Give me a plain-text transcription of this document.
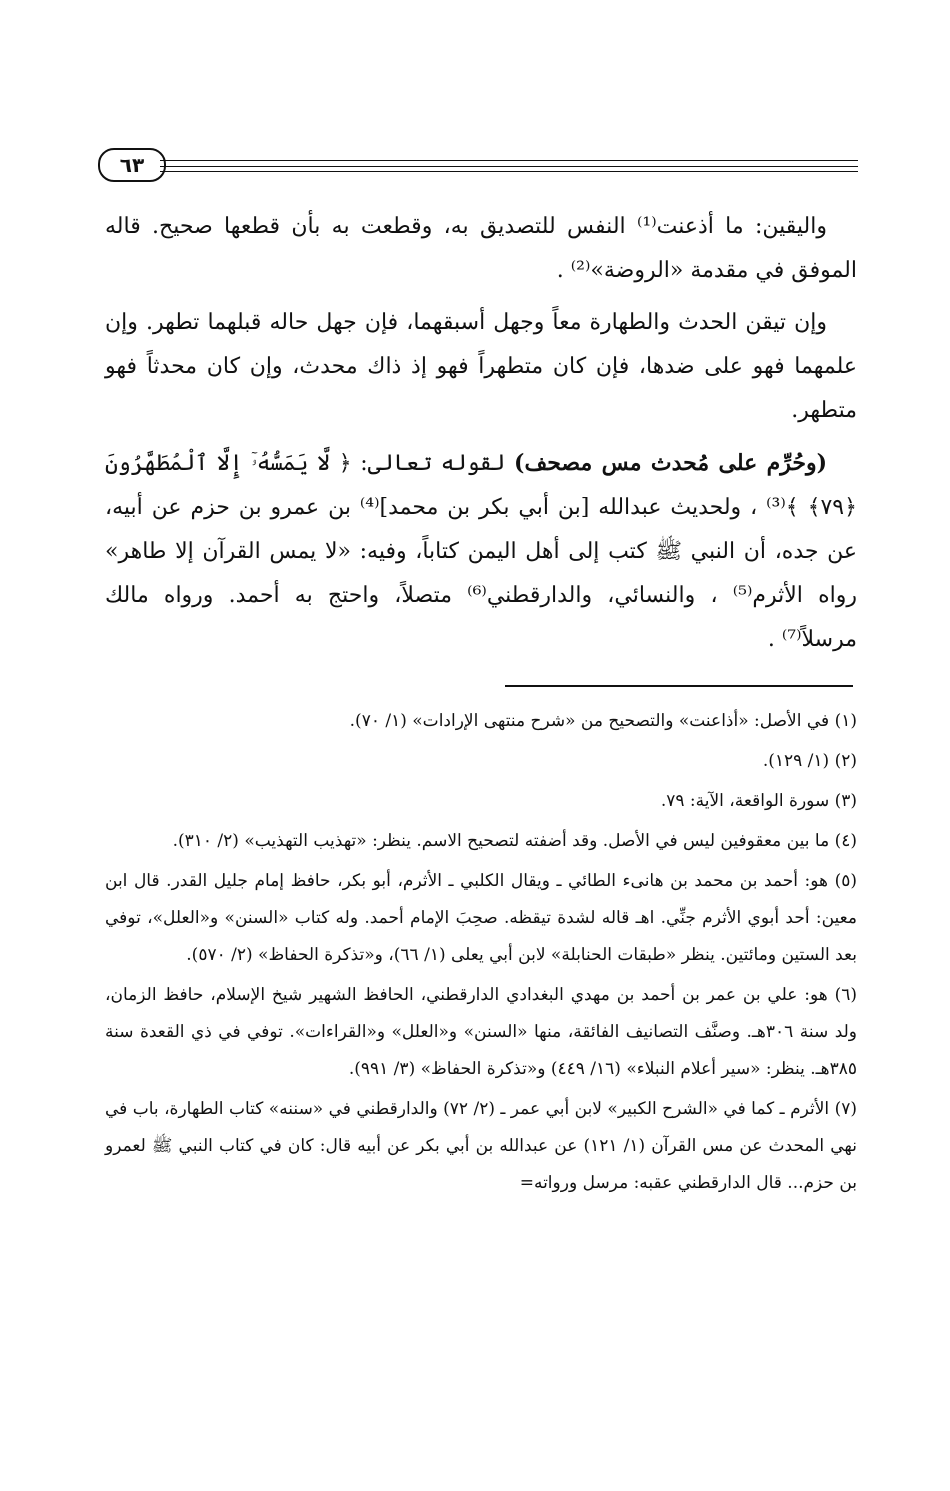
٦٣

واليقين: ما أذعنت⁽¹⁾ النفس للتصديق به، وقطعت به بأن قطعها صحيح. قاله الموفق في مقدمة «الروضة»⁽²⁾ .

وإن تيقن الحدث والطهارة معاً وجهل أسبقهما، فإن جهل حاله قبلهما تطهر. وإن علمهما فهو على ضدها، فإن كان متطهراً فهو إذ ذاك محدث، وإن كان محدثاً فهو متطهر.

(وحُرِّم على مُحدث مس مصحف) لقوله تعالى: ﴿ لَّا يَمَسُّهُۥٓ إِلَّا ٱلْمُطَهَّرُونَ ﴿٧٩﴾ ﴾⁽³⁾ ، ولحديث عبدالله [بن أبي بكر بن محمد]⁽⁴⁾ بن عمرو بن حزم عن أبيه، عن جده، أن النبي ﷺ كتب إلى أهل اليمن كتاباً، وفيه: «لا يمس القرآن إلا طاهر» رواه الأثرم⁽⁵⁾ ، والنسائي، والدارقطني⁽⁶⁾ متصلاً، واحتج به أحمد. ورواه مالك مرسلاً⁽⁷⁾ .

(١) في الأصل: «أذاعنت» والتصحيح من «شرح منتهى الإرادات» (١/ ٧٠).

(٢) (١/ ١٢٩).

(٣) سورة الواقعة، الآية: ٧٩.

(٤) ما بين معقوفين ليس في الأصل. وقد أضفته لتصحيح الاسم. ينظر: «تهذيب التهذيب» (٢/ ٣١٠).

(٥) هو: أحمد بن محمد بن هانىء الطائي ـ ويقال الكلبي ـ الأثرم، أبو بكر، حافظ إمام جليل القدر. قال ابن معين: أحد أبوي الأثرم جنِّي. اهـ قاله لشدة تيقظه. صحِبَ الإمام أحمد. وله كتاب «السنن» و«العلل»، توفي بعد الستين ومائتين. ينظر «طبقات الحنابلة» لابن أبي يعلى (١/ ٦٦)، و«تذكرة الحفاظ» (٢/ ٥٧٠).

(٦) هو: علي بن عمر بن أحمد بن مهدي البغدادي الدارقطني، الحافظ الشهير شيخ الإسلام، حافظ الزمان، ولد سنة ٣٠٦هـ. وصنَّف التصانيف الفائقة، منها «السنن» و«العلل» و«القراءات». توفي في ذي القعدة سنة ٣٨٥هـ. ينظر: «سير أعلام النبلاء» (١٦/ ٤٤٩) و«تذكرة الحفاظ» (٣/ ٩٩١).

(٧) الأثرم ـ كما في «الشرح الكبير» لابن أبي عمر ـ (٢/ ٧٢) والدارقطني في «سننه» كتاب الطهارة، باب في نهي المحدث عن مس القرآن (١/ ١٢١) عن عبدالله بن أبي بكر عن أبيه قال: كان في كتاب النبي ﷺ لعمرو بن حزم... قال الدارقطني عقبه: مرسل ورواته=
